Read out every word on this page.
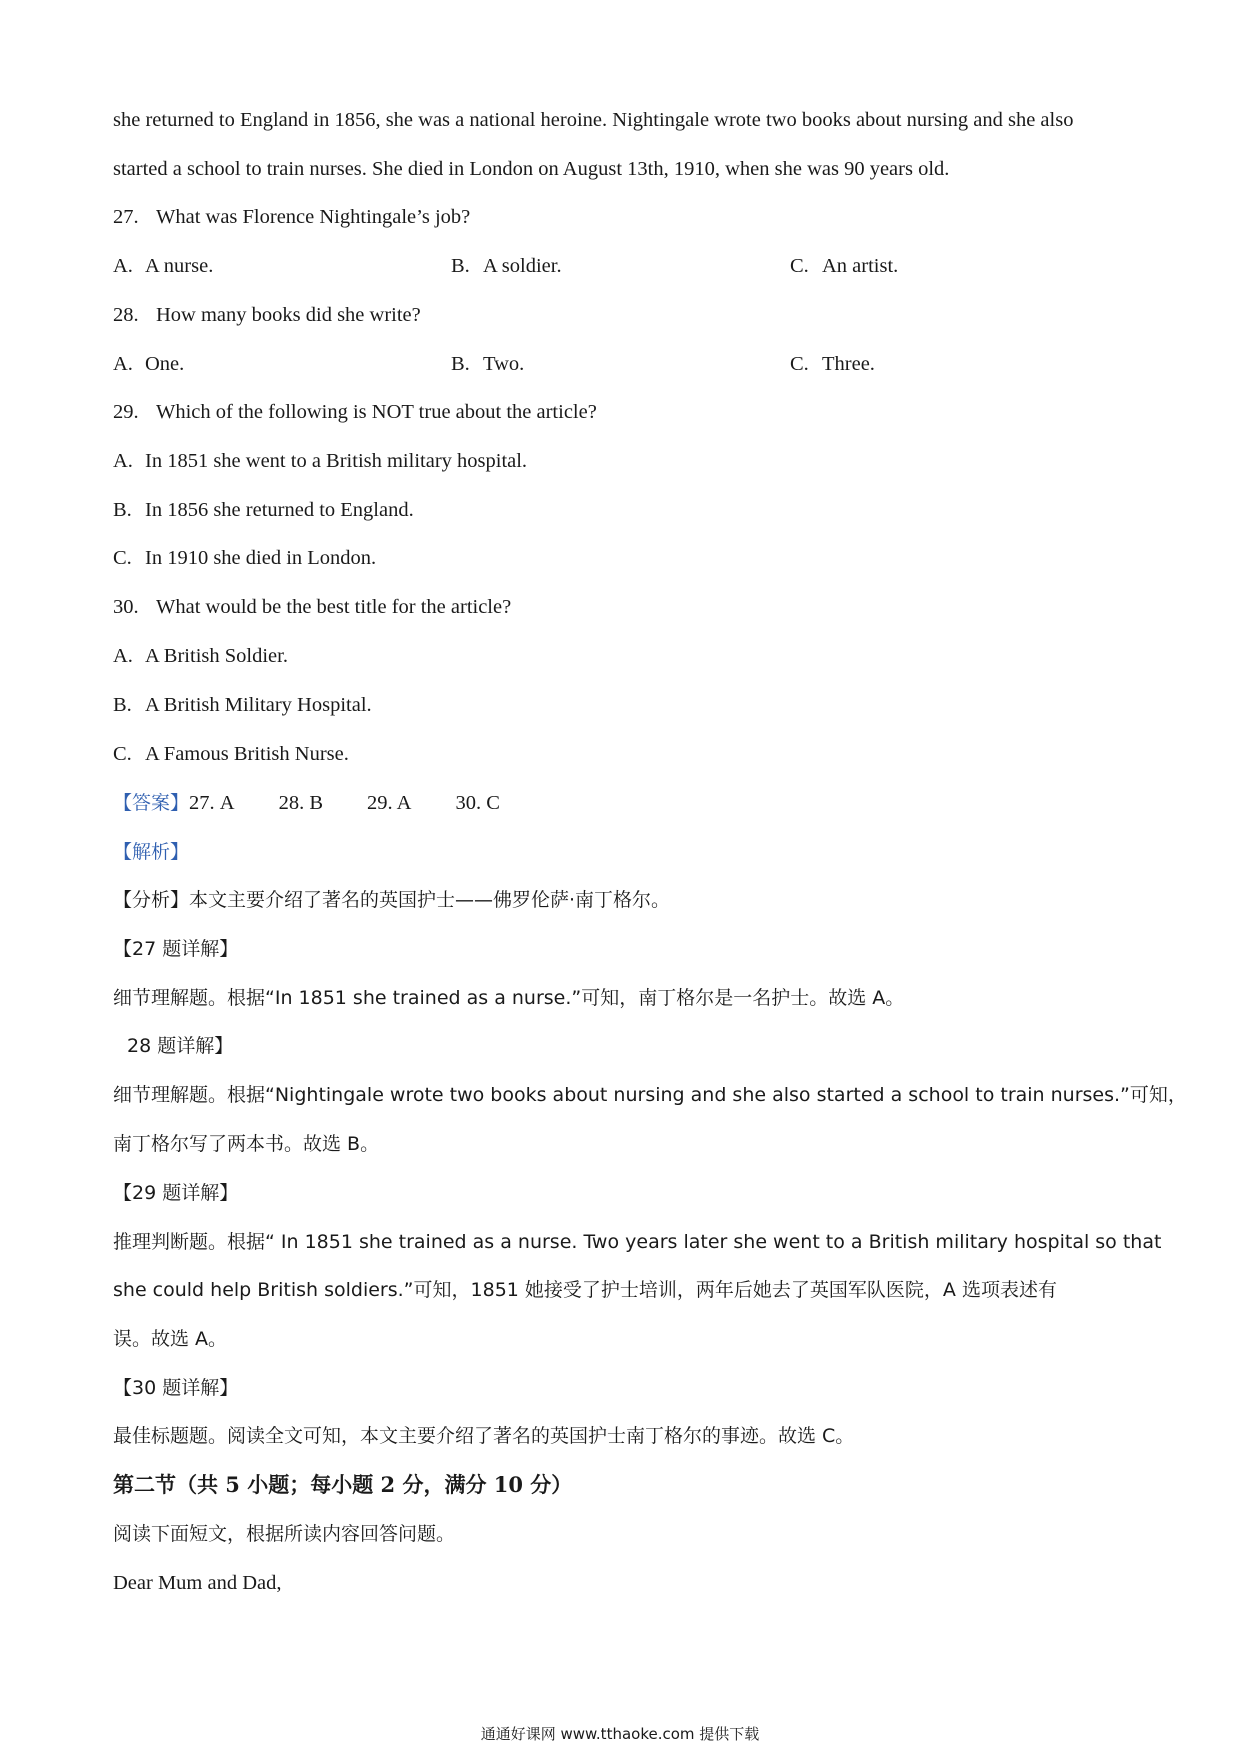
she returned to England in 1856, she was a national heroine. Nightingale wrote two books about nursing and she also
started a school to train nurses. She died in London on August 13th, 1910, when she was 90 years old.
27. What was Florence Nightingale’s job?
A. A nurse.	B. A soldier.	C. An artist.
28. How many books did she write?
A. One.	B. Two.	C. Three.
29. Which of the following is NOT true about the article?
A. In 1851 she went to a British military hospital.
B. In 1856 she returned to England.
C. In 1910 she died in London.
30. What would be the best title for the article?
A. A British Soldier.
B. A British Military Hospital.
C. A Famous British Nurse.
【答案】27. A 28. B 29. A 30. C
【解析】
【分析】本文主要介绍了著名的英国护士——佛罗伦萨·南丁格尔。
【27 题详解】
细节理解题。根据“In 1851 she trained as a nurse.”可知，南丁格尔是一名护士。故选 A。
28 题详解】
细节理解题。根据“Nightingale wrote two books about nursing and she also started a school to train nurses.”可知，
南丁格尔写了两本书。故选 B。
【29 题详解】
推理判断题。根据“ In 1851 she trained as a nurse. Two years later she went to a British military hospital so that
she could help British soldiers.”可知，1851 她接受了护士培训，两年后她去了英国军队医院，A 选项表述有
误。故选 A。
【30 题详解】
最佳标题题。阅读全文可知，本文主要介绍了著名的英国护士南丁格尔的事迹。故选 C。
第二节（共 5 小题；每小题 2 分，满分 10 分）
阅读下面短文，根据所读内容回答问题。
Dear Mum and Dad,
通通好课网 www.tthaoke.com 提供下载
